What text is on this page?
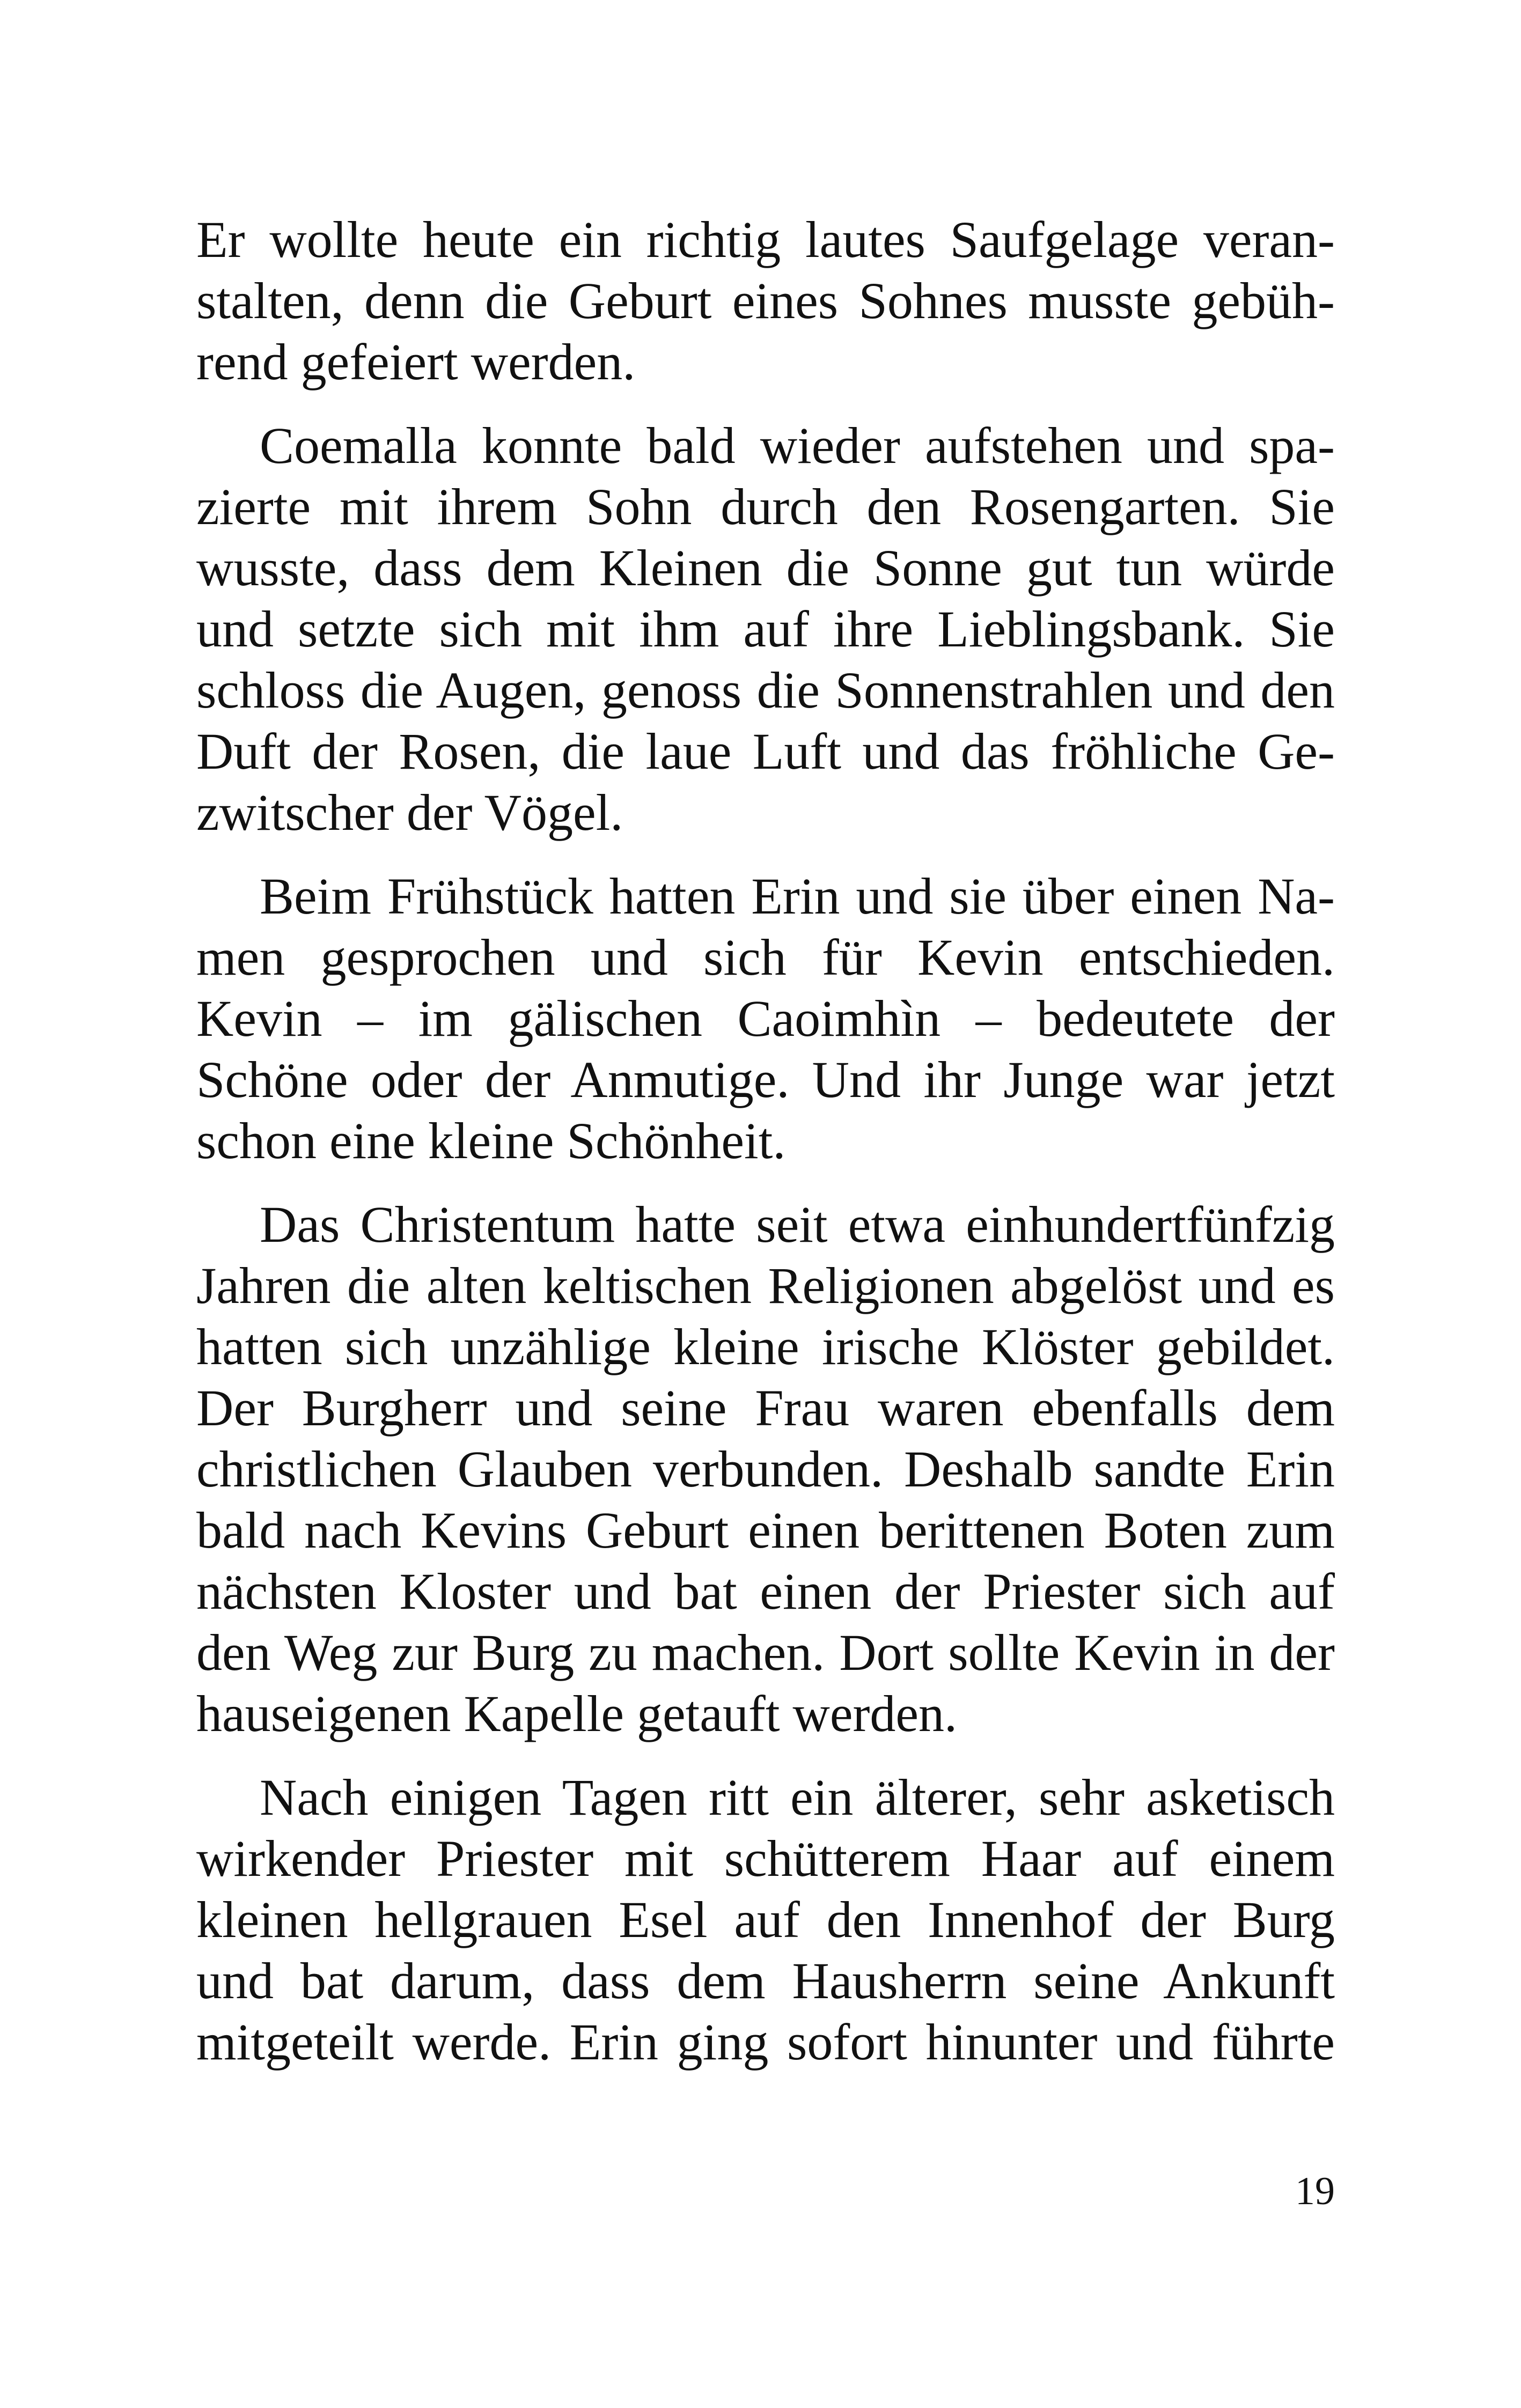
Er wollte heute ein richtig lautes Saufgelage veran-
stalten, denn die Geburt eines Sohnes musste gebüh-
rend gefeiert werden.

Coemalla konnte bald wieder aufstehen und spa-
zierte mit ihrem Sohn durch den Rosengarten. Sie
wusste, dass dem Kleinen die Sonne gut tun würde
und setzte sich mit ihm auf ihre Lieblingsbank. Sie
schloss die Augen, genoss die Sonnenstrahlen und den
Duft der Rosen, die laue Luft und das fröhliche Ge-
zwitscher der Vögel.

Beim Frühstück hatten Erin und sie über einen Na-
men gesprochen und sich für Kevin entschieden.
Kevin – im gälischen Caoimhìn – bedeutete der
Schöne oder der Anmutige. Und ihr Junge war jetzt
schon eine kleine Schönheit.

Das Christentum hatte seit etwa einhundertfünfzig
Jahren die alten keltischen Religionen abgelöst und es
hatten sich unzählige kleine irische Klöster gebildet.
Der Burgherr und seine Frau waren ebenfalls dem
christlichen Glauben verbunden. Deshalb sandte Erin
bald nach Kevins Geburt einen berittenen Boten zum
nächsten Kloster und bat einen der Priester sich auf
den Weg zur Burg zu machen. Dort sollte Kevin in der
hauseigenen Kapelle getauft werden.

Nach einigen Tagen ritt ein älterer, sehr asketisch
wirkender Priester mit schütterem Haar auf einem
kleinen hellgrauen Esel auf den Innenhof der Burg
und bat darum, dass dem Hausherrn seine Ankunft
mitgeteilt werde. Erin ging sofort hinunter und führte

19
